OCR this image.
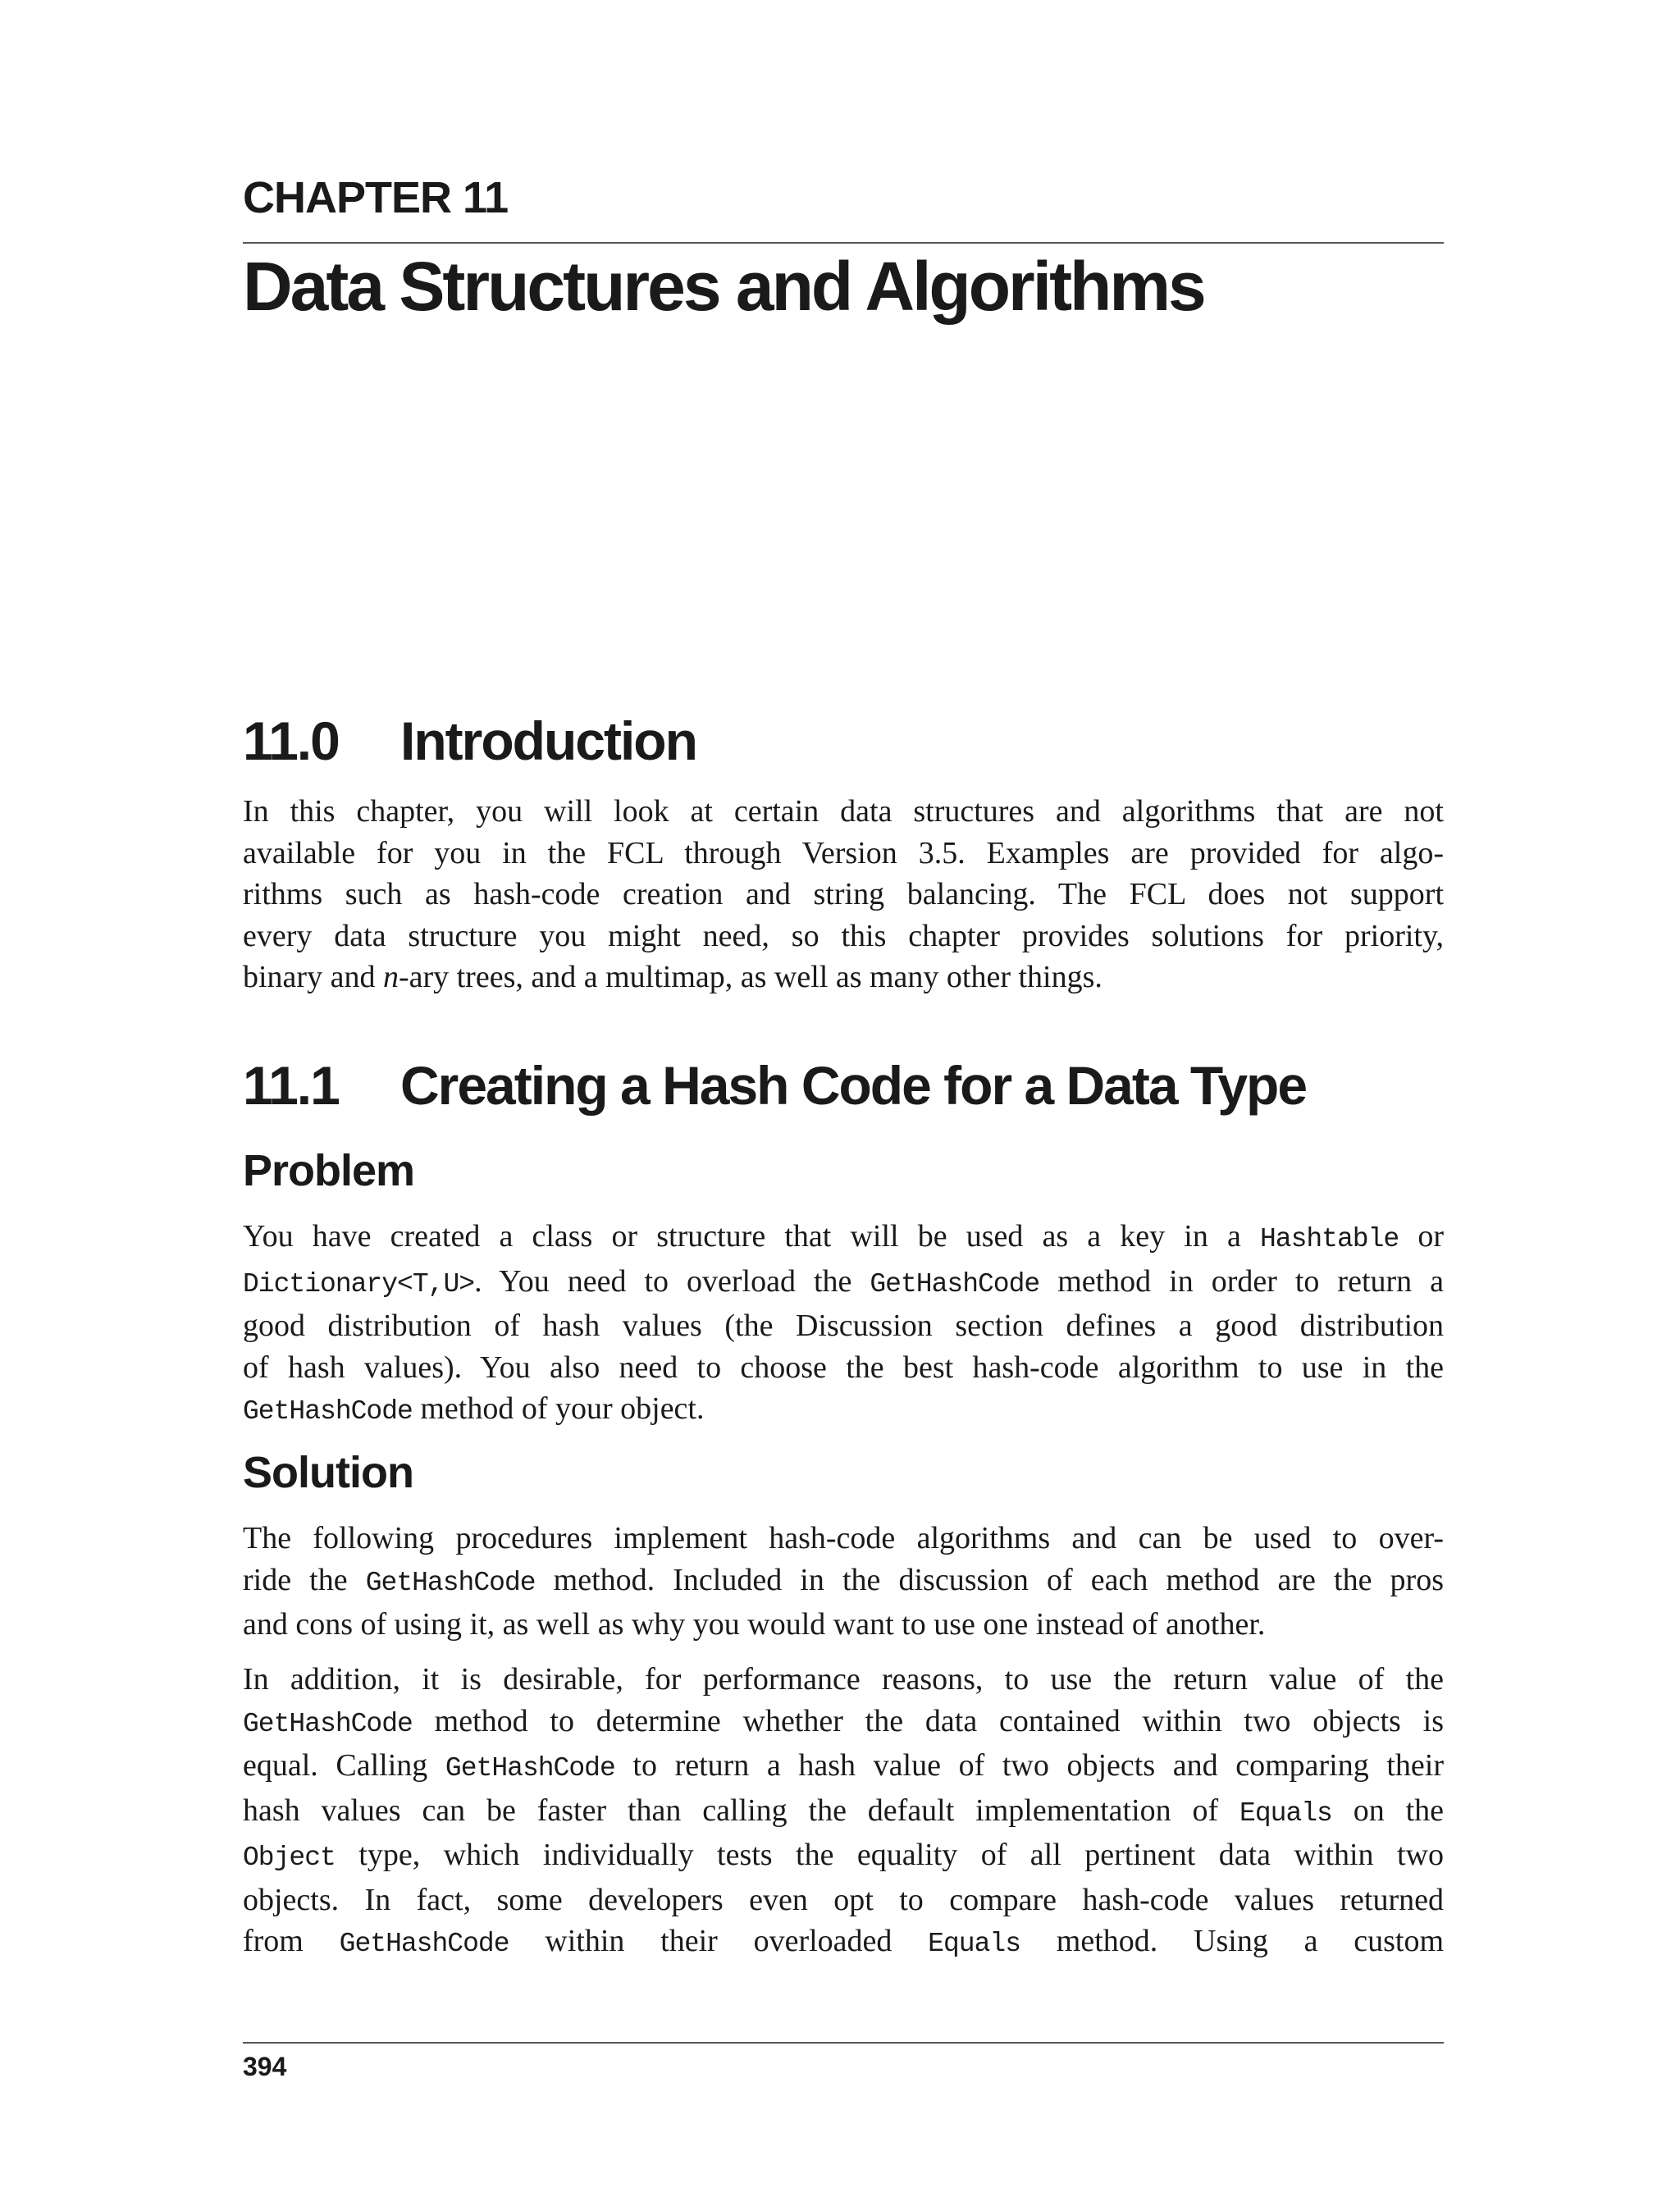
CHAPTER 11
Data Structures and Algorithms
11.0 Introduction
In this chapter, you will look at certain data structures and algorithms that are not
available for you in the FCL through Version 3.5. Examples are provided for algo-
rithms such as hash-code creation and string balancing. The FCL does not support
every data structure you might need, so this chapter provides solutions for priority,
binary and n-ary trees, and a multimap, as well as many other things.
11.1 Creating a Hash Code for a Data Type
Problem
You have created a class or structure that will be used as a key in a Hashtable or
Dictionary<T,U>. You need to overload the GetHashCode method in order to return a
good distribution of hash values (the Discussion section defines a good distribution
of hash values). You also need to choose the best hash-code algorithm to use in the
GetHashCode method of your object.
Solution
The following procedures implement hash-code algorithms and can be used to over-
ride the GetHashCode method. Included in the discussion of each method are the pros
and cons of using it, as well as why you would want to use one instead of another.
In addition, it is desirable, for performance reasons, to use the return value of the
GetHashCode method to determine whether the data contained within two objects is
equal. Calling GetHashCode to return a hash value of two objects and comparing their
hash values can be faster than calling the default implementation of Equals on the
Object type, which individually tests the equality of all pertinent data within two
objects. In fact, some developers even opt to compare hash-code values returned
from GetHashCode within their overloaded Equals method. Using a custom
394
